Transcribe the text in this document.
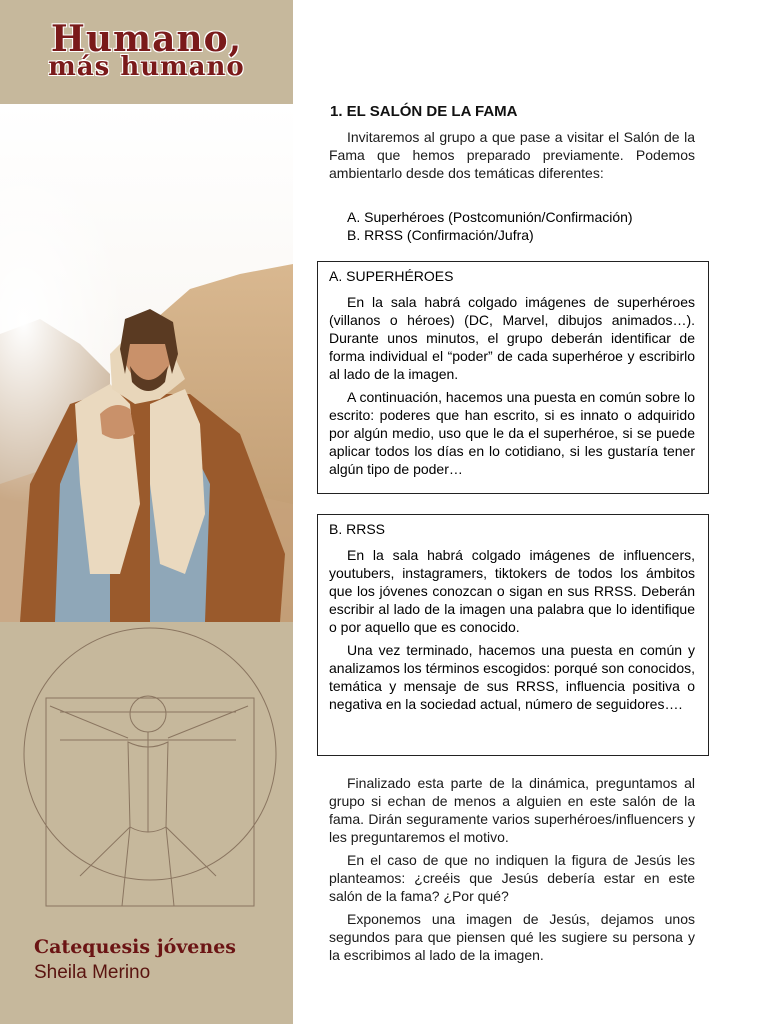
Humano,
más humano
Catequesis jóvenes
Sheila Merino
1. EL SALÓN DE LA FAMA

Invitaremos al grupo a que pase a visitar el Salón de la Fama que hemos preparado previamente. Podemos ambientarlo desde dos temáticas diferentes:

A. Superhéroes (Postcomunión/Confirmación)
B. RRSS (Confirmación/Jufra)
A. SUPERHÉROES

En la sala habrá colgado imágenes de superhéroes (villanos o héroes) (DC, Marvel, dibujos animados…). Durante unos minutos, el grupo deberán identificar de forma individual el “poder” de cada superhéroe y escribirlo al lado de la imagen.

A continuación, hacemos una puesta en común sobre lo escrito: poderes que han escrito, si es innato o adquirido por algún medio, uso que le da el superhéroe, si se puede aplicar todos los días en lo cotidiano, si les gustaría tener algún tipo de poder…

B. RRSS

En la sala habrá colgado imágenes de influencers, youtubers, instagramers, tiktokers de todos los ámbitos que los jóvenes conozcan o sigan en sus RRSS. Deberán escribir al lado de la imagen una palabra que lo identifique o por aquello que es conocido.

Una vez terminado, hacemos una puesta en común y analizamos los términos escogidos: porqué son conocidos, temática y mensaje de sus RRSS, influencia positiva o negativa en la sociedad actual, número de seguidores….

Finalizado esta parte de la dinámica, preguntamos al grupo si echan de menos a alguien en este salón de la fama. Dirán seguramente varios superhéroes/influencers y les preguntaremos el motivo.

En el caso de que no indiquen la figura de Jesús les planteamos: ¿creéis que Jesús debería estar en este salón de la fama? ¿Por qué?

Exponemos una imagen de Jesús, dejamos unos segundos para que piensen qué les sugiere su persona y la escribimos al lado de la imagen.
